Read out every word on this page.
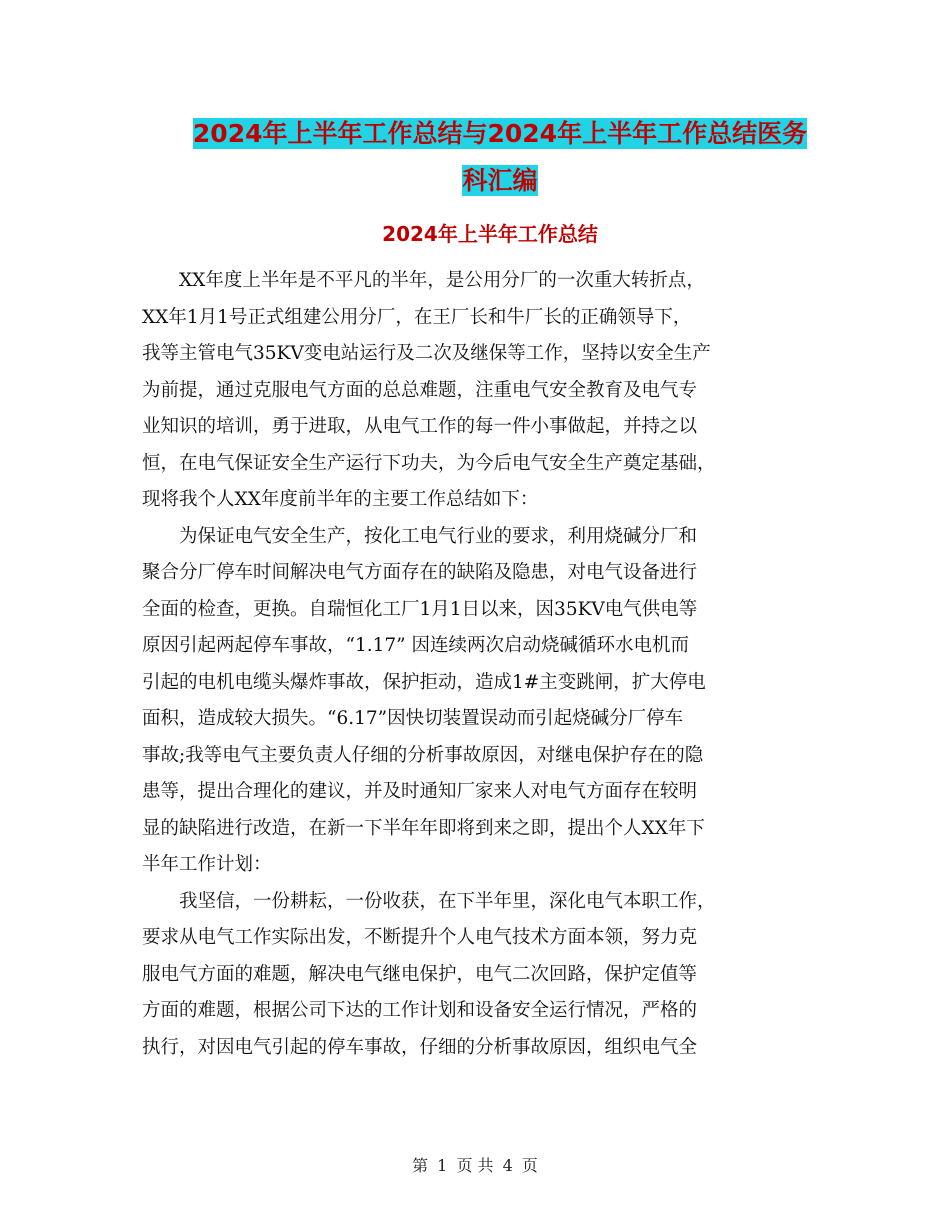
2024年上半年工作总结与2024年上半年工作总结医务
科汇编
2024年上半年工作总结
XX年度上半年是不平凡的半年，是公用分厂的一次重大转折点，
XX年1月1号正式组建公用分厂，在王厂长和牛厂长的正确领导下，
我等主管电气35KV变电站运行及二次及继保等工作，坚持以安全生产
为前提，通过克服电气方面的总总难题，注重电气安全教育及电气专
业知识的培训，勇于进取，从电气工作的每一件小事做起，并持之以
恒，在电气保证安全生产运行下功夫，为今后电气安全生产奠定基础，
现将我个人XX年度前半年的主要工作总结如下：
为保证电气安全生产，按化工电气行业的要求，利用烧碱分厂和
聚合分厂停车时间解决电气方面存在的缺陷及隐患，对电气设备进行
全面的检查，更换。自瑞恒化工厂1月1日以来，因35KV电气供电等
原因引起两起停车事故，“1.17” 因连续两次启动烧碱循环水电机而
引起的电机电缆头爆炸事故，保护拒动，造成1#主变跳闸，扩大停电
面积，造成较大损失。“6.17”因快切装置误动而引起烧碱分厂停车
事故;我等电气主要负责人仔细的分析事故原因，对继电保护存在的隐
患等，提出合理化的建议，并及时通知厂家来人对电气方面存在较明
显的缺陷进行改造，在新一下半年年即将到来之即，提出个人XX年下
半年工作计划：
我坚信，一份耕耘，一份收获，在下半年里，深化电气本职工作，
要求从电气工作实际出发，不断提升个人电气技术方面本领，努力克
服电气方面的难题，解决电气继电保护，电气二次回路，保护定值等
方面的难题，根据公司下达的工作计划和设备安全运行情况，严格的
执行，对因电气引起的停车事故，仔细的分析事故原因，组织电气全
第 1 页 共 4 页
